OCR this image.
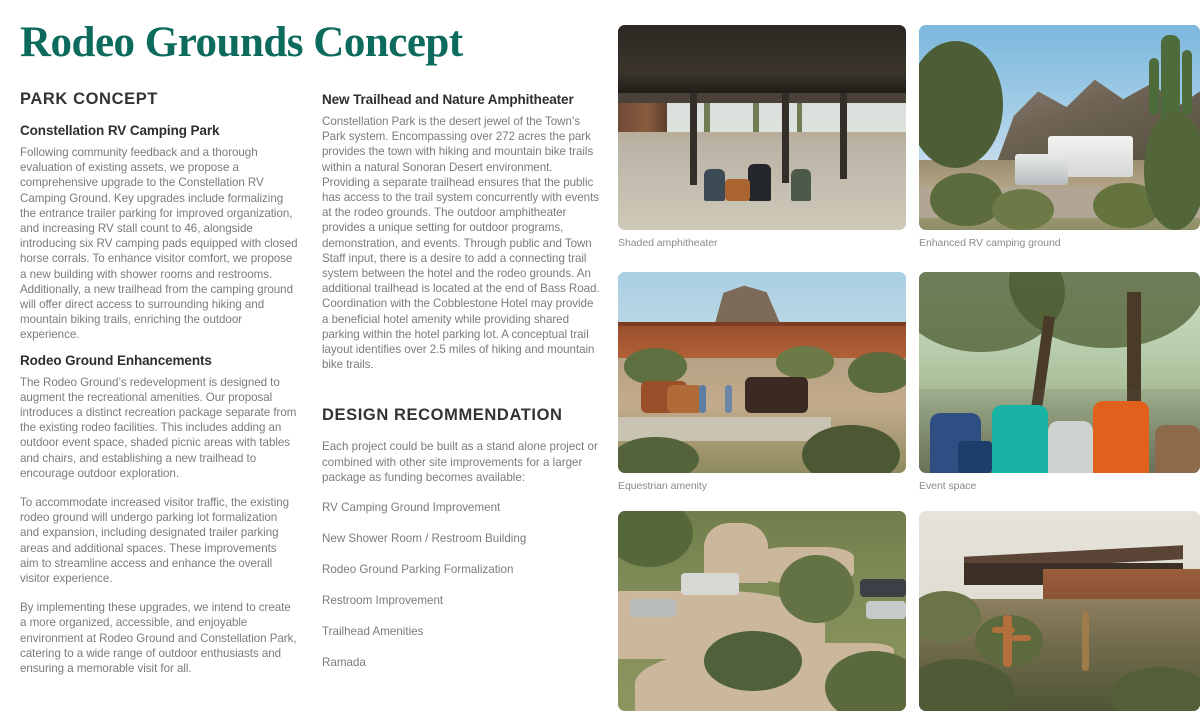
Rodeo Grounds Concept
PARK CONCEPT
Constellation RV Camping Park

Following community feedback and a thorough evaluation of existing assets, we propose a comprehensive upgrade to the Constellation RV Camping Ground. Key upgrades include formalizing the entrance trailer parking for improved organization, and increasing RV stall count to 46, alongside introducing six RV camping pads equipped with closed horse corrals. To enhance visitor comfort, we propose a new building with shower rooms and restrooms. Additionally, a new trailhead from the camping ground will offer direct access to surrounding hiking and mountain biking trails, enriching the outdoor experience.

Rodeo Ground Enhancements

The Rodeo Ground’s redevelopment is designed to augment the recreational amenities. Our proposal introduces a distinct recreation package separate from the existing rodeo facilities. This includes adding an outdoor event space, shaded picnic areas with tables and chairs, and establishing a new trailhead to encourage outdoor exploration.

To accommodate increased visitor traffic, the existing rodeo ground will undergo parking lot formalization and expansion, including designated trailer parking areas and additional spaces. These improvements aim to streamline access and enhance the overall visitor experience.

By implementing these upgrades, we intend to create a more organized, accessible, and enjoyable environment at Rodeo Ground and Constellation Park, catering to a wide range of outdoor enthusiasts and ensuring a memorable visit for all.

New Trailhead and Nature Amphitheater

Constellation Park is the desert jewel of the Town’s Park system. Encompassing over 272 acres the park provides the town with hiking and mountain bike trails within a natural Sonoran Desert environment. Providing a separate trailhead ensures that the public has access to the trail system concurrently with events at the rodeo grounds. The outdoor amphitheater provides a unique setting for outdoor programs, demonstration, and events. Through public and Town Staff input, there is a desire to add a connecting trail system between the hotel and the rodeo grounds. An additional trailhead is located at the end of Bass Road. Coordination with the Cobblestone Hotel may provide a beneficial hotel amenity while providing shared parking within the hotel parking lot. A conceptual trail layout identifies over 2.5 miles of hiking and mountain bike trails.

DESIGN RECOMMENDATION

Each project could be built as a stand alone project or combined with other site improvements for a larger package as funding becomes available:

RV Camping Ground Improvement
New Shower Room / Restroom Building
Rodeo Ground Parking Formalization
Restroom Improvement
Trailhead Amenities
Ramada
Shaded amphitheater	Enhanced RV camping ground
Equestrian amenity	Event space
